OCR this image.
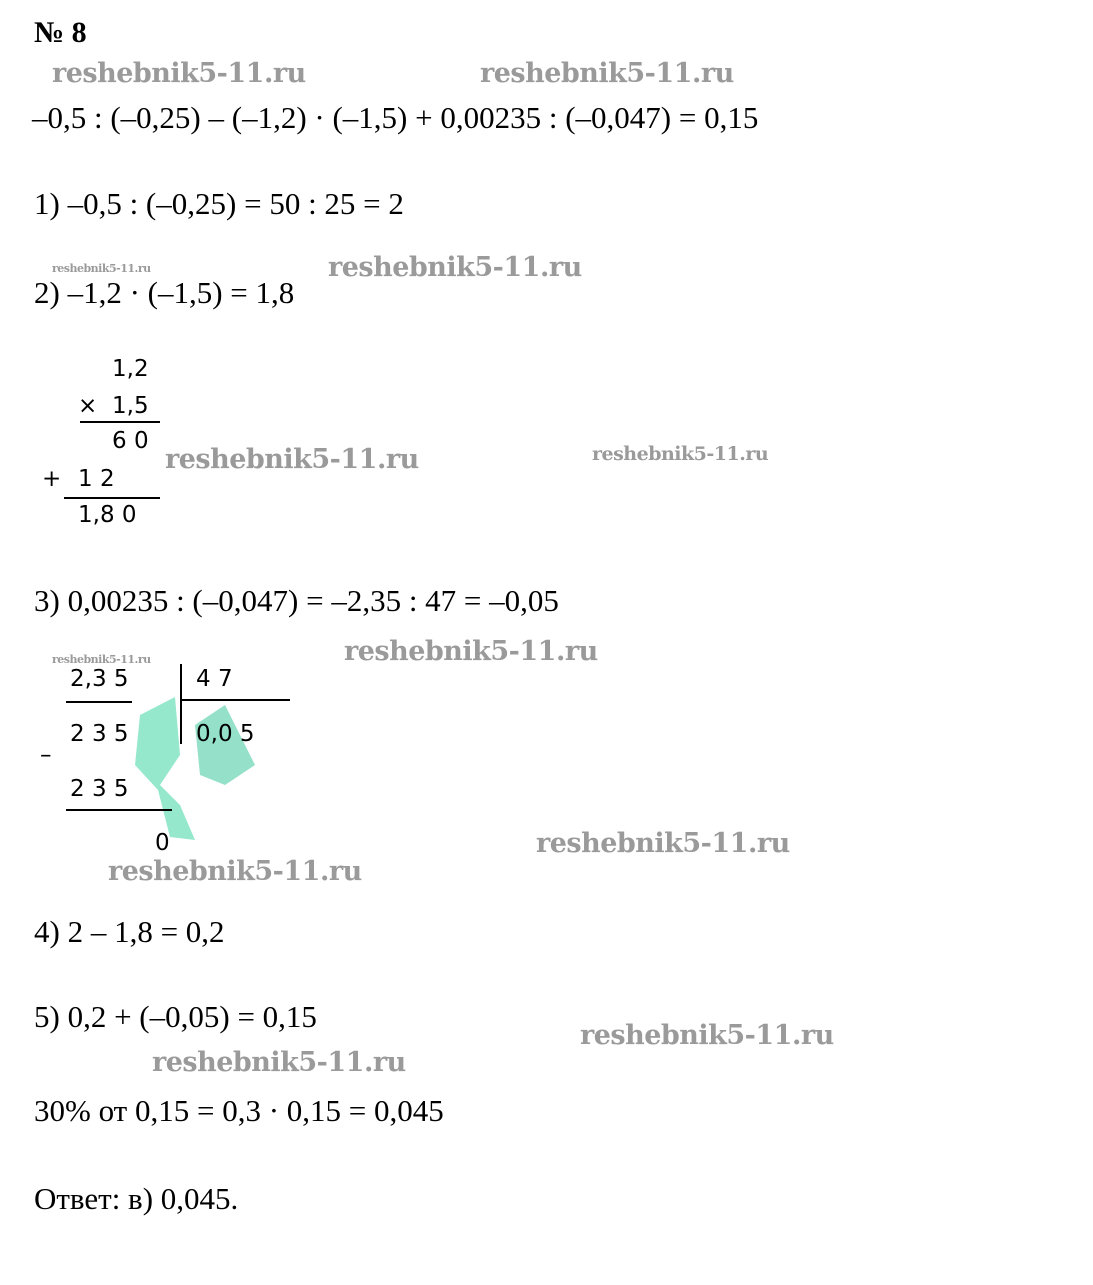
№ 8
–0,5 : (–0,25) – (–1,2) · (–1,5) + 0,00235 : (–0,047) = 0,15
1) –0,5 : (–0,25) = 50 : 25 = 2
2) –1,2 · (–1,5) = 1,8
1,2
× 1,5
6 0
+ 1 2
1,8 0
3) 0,00235 : (–0,047) = –2,35 : 47 = –0,05
2,3 5	4 7
2 3 5	0,0 5
–
2 3 5
0
4) 2 – 1,8 = 0,2
5) 0,2 + (–0,05) = 0,15
30% от 0,15 = 0,3 · 0,15 = 0,045
Ответ: в) 0,045.
reshebnik5-11.ru	reshebnik5-11.ru
reshebnik5-11.ru	reshebnik5-11.ru
reshebnik5-11.ru	reshebnik5-11.ru
reshebnik5-11.ru	reshebnik5-11.ru
reshebnik5-11.ru
reshebnik5-11.ru
reshebnik5-11.ru
reshebnik5-11.ru
